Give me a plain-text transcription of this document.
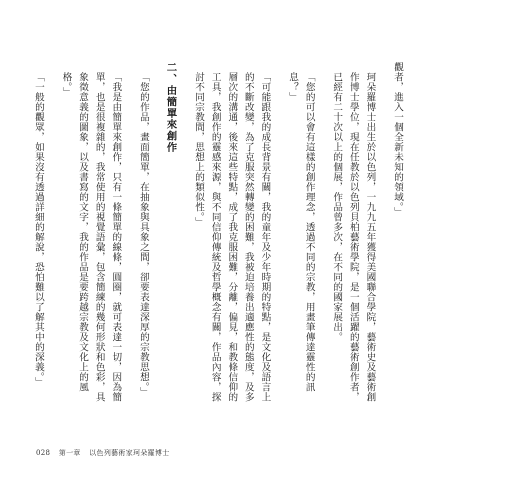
觀者，進入一個全新未知的領域。」

珂朵羅博士出生於以色列，一九九五年獲得美國聯合學院，藝術史及藝術創作博士學位，現在任教於以色列貝柏藝術學院，是一個活躍的藝術創作者，已經有二十次以上的個展，作品曾多次，在不同的國家展出。

「您的可以會有這樣的創作理念，透過不同的宗教，用畫筆傳達靈性的訊息？」

「可能跟我的成長背景有關，我的童年及少年時期的特點，是文化及語言上的不斷改變，為了克服突然轉變的困難，我被迫培養出適應性的態度，及多層次的溝通，後來這些特點，成了我克服困難，分離，偏見，和教條信仰的工具，我創作的靈感來源，與不同信仰傳統及哲學概念有關，作品內容，探討不同宗教間，思想上的類似性。」

二、由簡單來創作

「您的作品，畫面簡單，在抽象與具象之間，卻要表達深厚的宗教思想。」

「我是由簡單來創作，只有一條簡單的線條，圓圈，就可表達一切，因為簡單，也是很複雜的，我常使用的視覺語彙，包含簡練的幾何形狀和色彩，具象徵意義的圖象，以及書寫的文字，我的作品是要跨越宗教及文化上的風格。」

「一般的觀眾，如果沒有透過詳細的解說，恐怕難以了解其中的深義。」

028 第一章 以色列藝術家珂朵羅博士
